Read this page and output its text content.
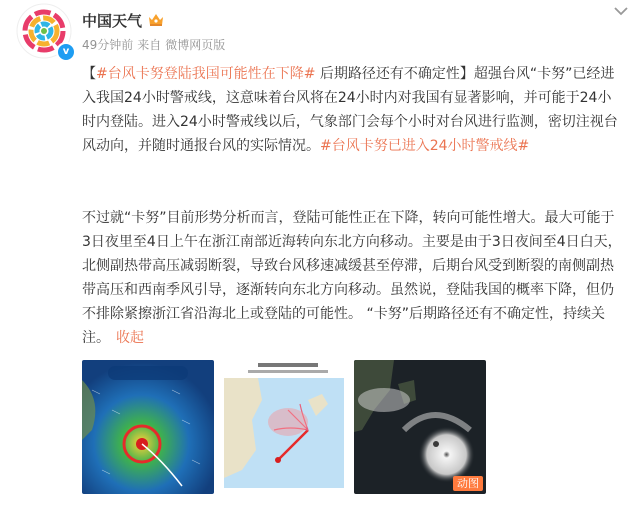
v
中国天气
49分钟前 来自 微博网页版
【#台风卡努登陆我国可能性在下降# 后期路径还有不确定性】超强台风“卡努”已经进入我国24小时警戒线，这意味着台风将在24小时内对我国有显著影响，并可能于24小时内登陆。进入24小时警戒线以后，气象部门会每个小时对台风进行监测，密切注视台风动向，并随时通报台风的实际情况。#台风卡努已进入24小时警戒线#
不过就“卡努”目前形势分析而言，登陆可能性正在下降，转向可能性增大。最大可能于3日夜里至4日上午在浙江南部近海转向东北方向移动。主要是由于3日夜间至4日白天，北侧副热带高压减弱断裂，导致台风移速减缓甚至停滞，后期台风受到断裂的南侧副热带高压和西南季风引导，逐渐转向东北方向移动。虽然说，登陆我国的概率下降，但仍不排除紧擦浙江省沿海北上或登陆的可能性。 “卡努”后期路径还有不确定性，持续关注。 收起
动图
